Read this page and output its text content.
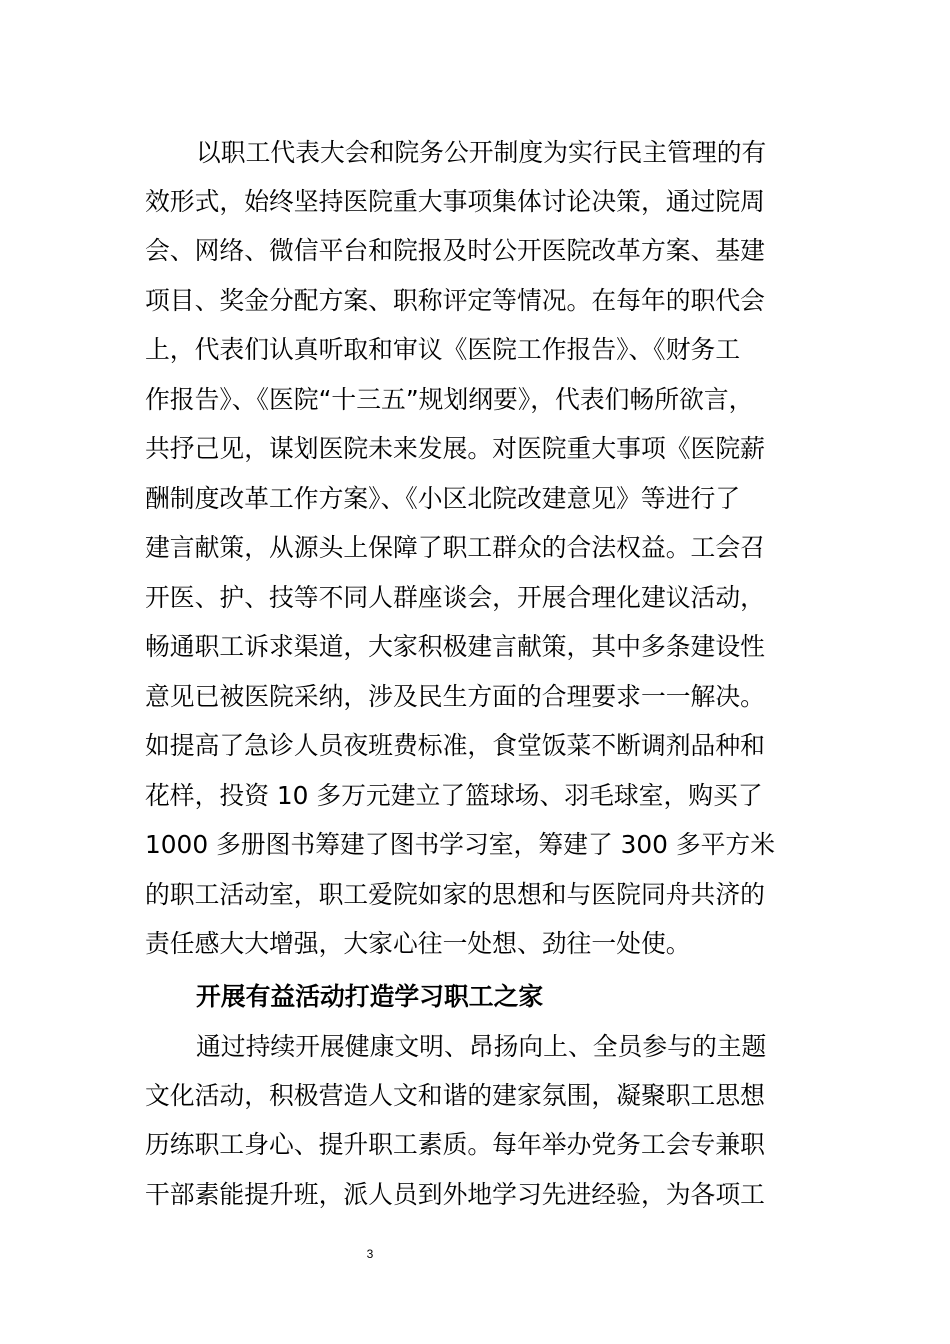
以职工代表大会和院务公开制度为实行民主管理的有
效形式，始终坚持医院重大事项集体讨论决策，通过院周
会、网络、微信平台和院报及时公开医院改革方案、基建
项目、奖金分配方案、职称评定等情况。在每年的职代会
上，代表们认真听取和审议《医院工作报告》、《财务工
作报告》、《医院“十三五”规划纲要》，代表们畅所欲言，
共抒己见，谋划医院未来发展。对医院重大事项《医院薪
酬制度改革工作方案》、《小区北院改建意见》等进行了
建言献策，从源头上保障了职工群众的合法权益。工会召
开医、护、技等不同人群座谈会，开展合理化建议活动，
畅通职工诉求渠道，大家积极建言献策，其中多条建设性
意见已被医院采纳，涉及民生方面的合理要求一一解决。
如提高了急诊人员夜班费标准，食堂饭菜不断调剂品种和
花样，投资 10 多万元建立了篮球场、羽毛球室，购买了
1000 多册图书筹建了图书学习室，筹建了 300 多平方米
的职工活动室，职工爱院如家的思想和与医院同舟共济的
责任感大大增强，大家心往一处想、劲往一处使。
开展有益活动打造学习职工之家
通过持续开展健康文明、昂扬向上、全员参与的主题
文化活动，积极营造人文和谐的建家氛围，凝聚职工思想
历练职工身心、提升职工素质。每年举办党务工会专兼职
干部素能提升班，派人员到外地学习先进经验，为各项工
3
